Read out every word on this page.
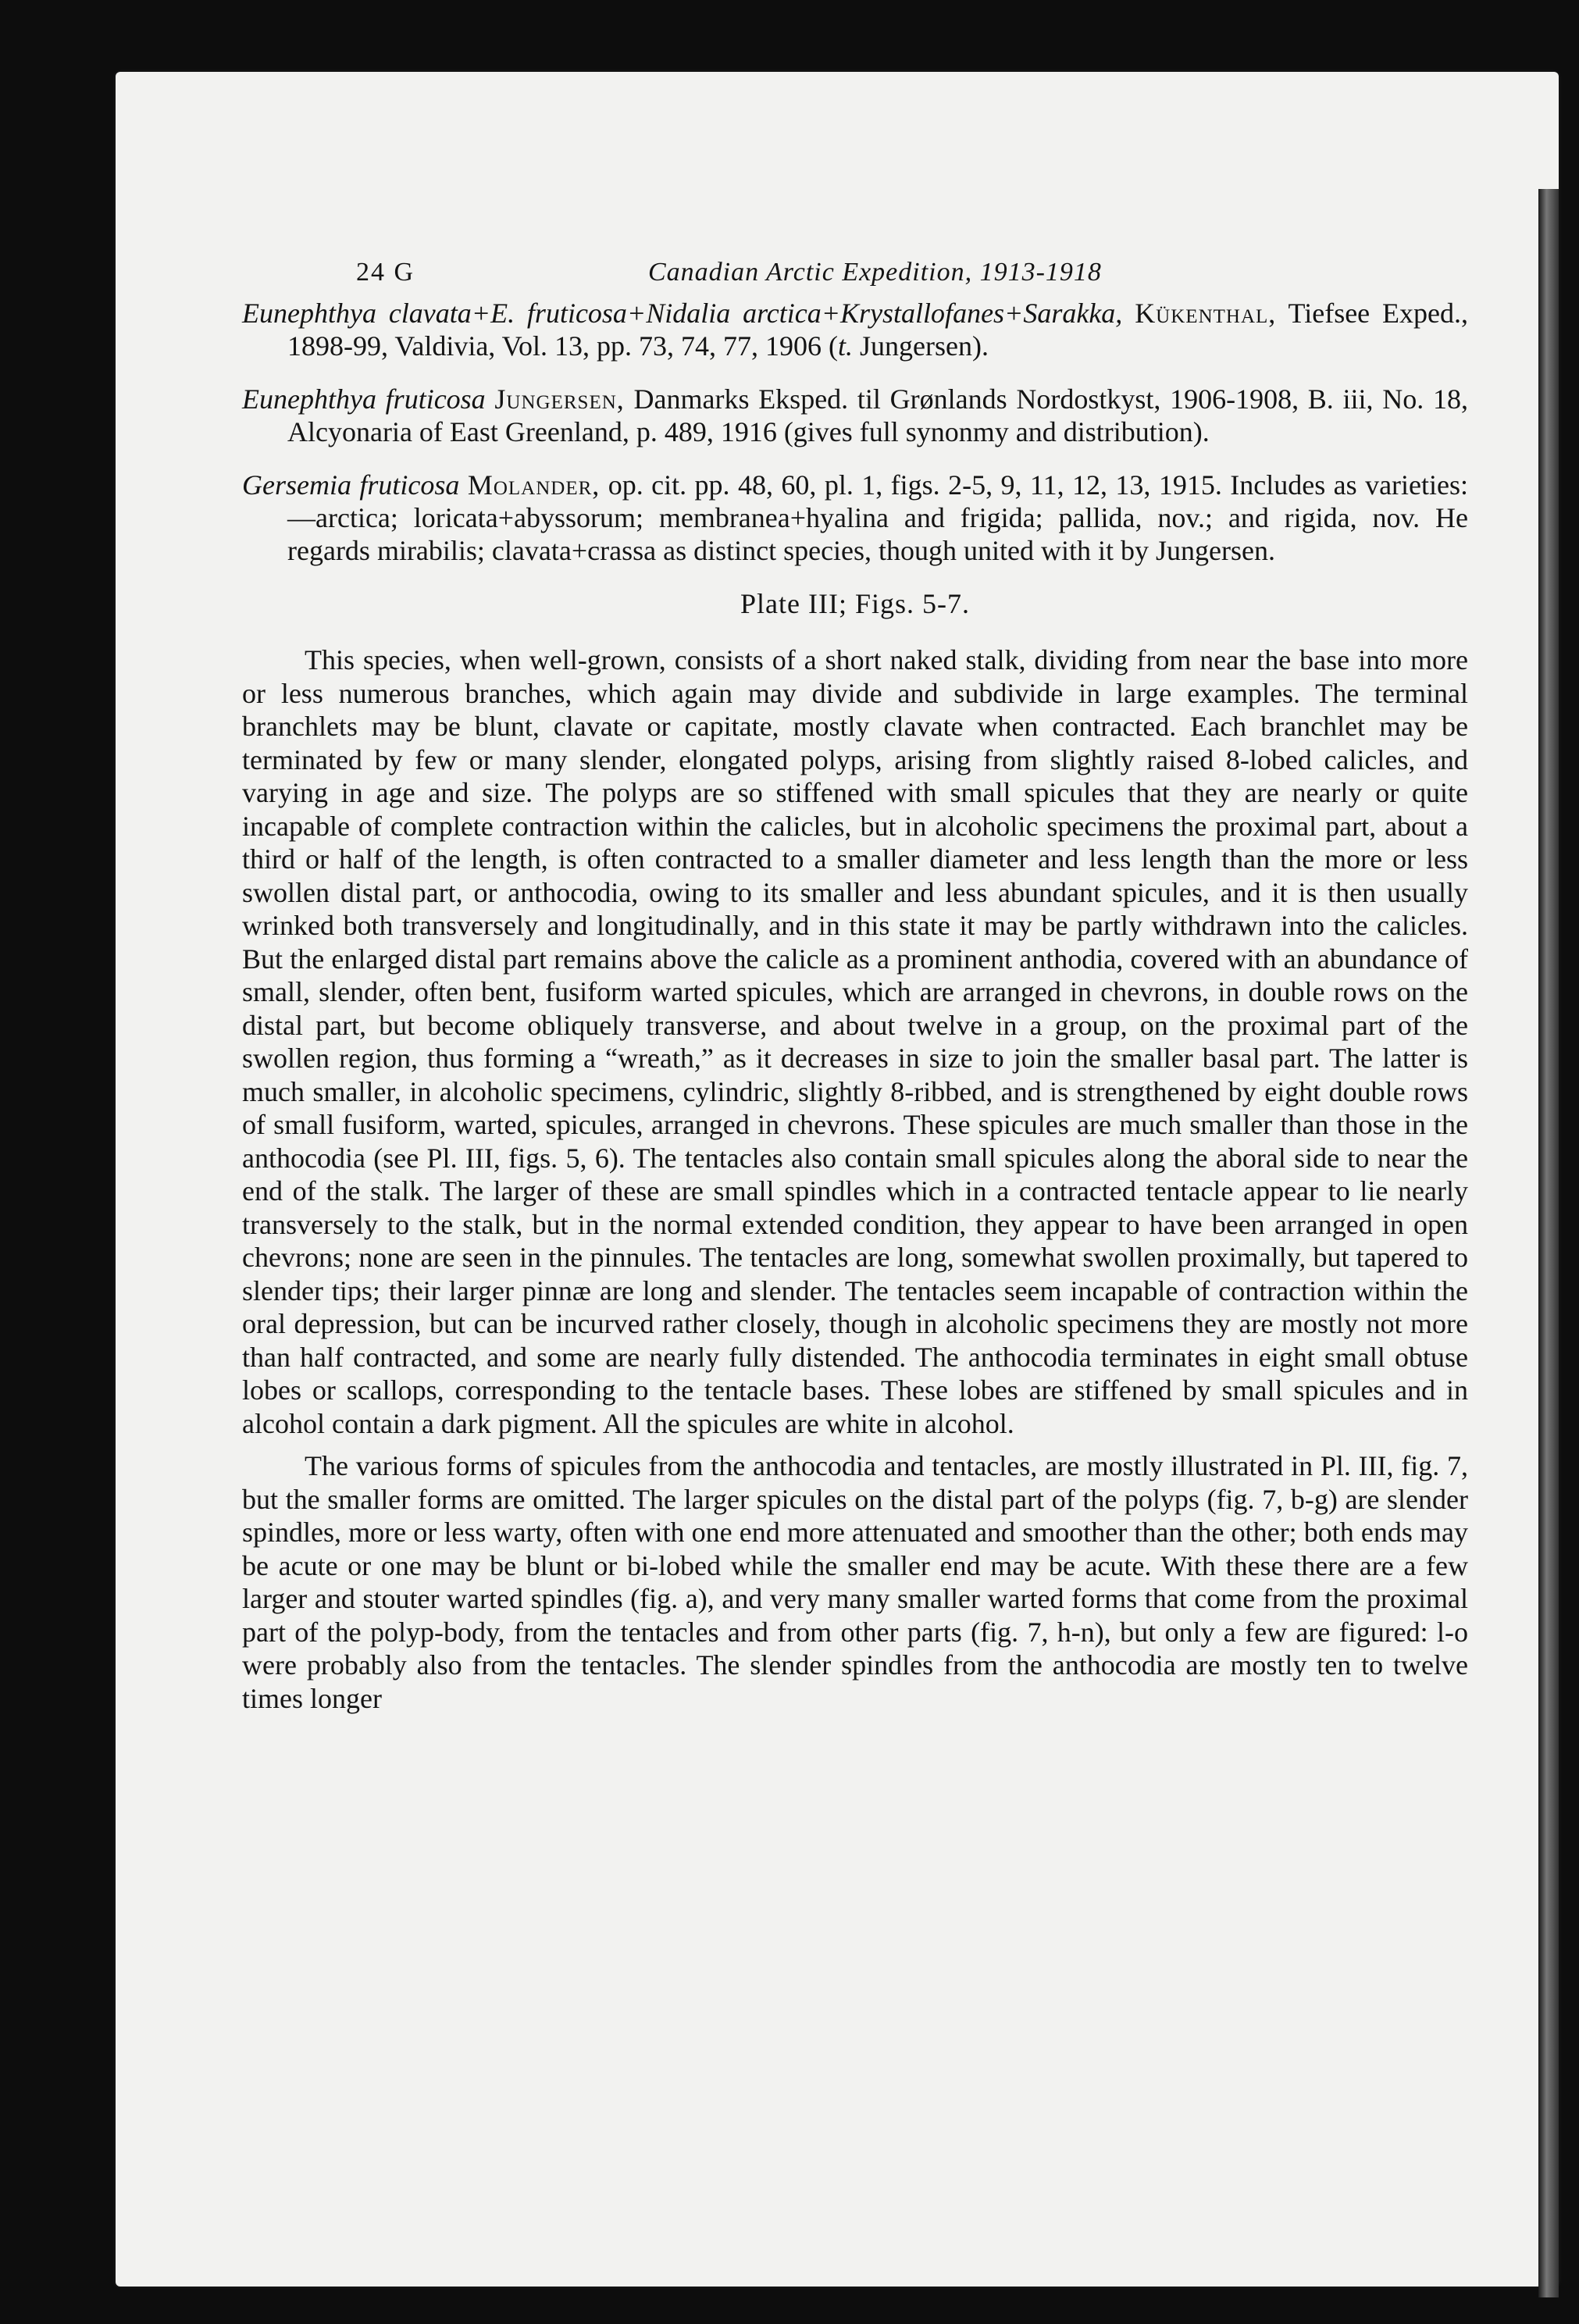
24 G	Canadian Arctic Expedition, 1913-1918

Eunephthya clavata+E. fruticosa+Nidalia arctica+Krystallofanes+Sarakka, Kükenthal, Tiefsee Exped., 1898-99, Valdivia, Vol. 13, pp. 73, 74, 77, 1906 (t. Jungersen).

Eunephthya fruticosa Jungersen, Danmarks Eksped. til Grønlands Nordostkyst, 1906-1908, B. iii, No. 18, Alcyonaria of East Greenland, p. 489, 1916 (gives full synonmy and distribution).

Gersemia fruticosa Molander, op. cit. pp. 48, 60, pl. 1, figs. 2-5, 9, 11, 12, 13, 1915. Includes as varieties:—arctica; loricata+abyssorum; membranea+hyalina and frigida; pallida, nov.; and rigida, nov. He regards mirabilis; clavata+crassa as distinct species, though united with it by Jungersen.

Plate III; Figs. 5-7.

This species, when well-grown, consists of a short naked stalk, dividing from near the base into more or less numerous branches, which again may divide and subdivide in large examples. The terminal branchlets may be blunt, clavate or capitate, mostly clavate when contracted. Each branchlet may be terminated by few or many slender, elongated polyps, arising from slightly raised 8-lobed calicles, and varying in age and size. The polyps are so stiffened with small spicules that they are nearly or quite incapable of complete contraction within the calicles, but in alcoholic specimens the proximal part, about a third or half of the length, is often contracted to a smaller diameter and less length than the more or less swollen distal part, or anthocodia, owing to its smaller and less abundant spicules, and it is then usually wrinked both transversely and longitudinally, and in this state it may be partly withdrawn into the calicles. But the enlarged distal part remains above the calicle as a prominent anthodia, covered with an abundance of small, slender, often bent, fusiform warted spicules, which are arranged in chevrons, in double rows on the distal part, but become obliquely transverse, and about twelve in a group, on the proximal part of the swollen region, thus forming a “wreath,” as it decreases in size to join the smaller basal part. The latter is much smaller, in alcoholic specimens, cylindric, slightly 8-ribbed, and is strengthened by eight double rows of small fusiform, warted, spicules, arranged in chevrons. These spicules are much smaller than those in the anthocodia (see Pl. III, figs. 5, 6). The tentacles also contain small spicules along the aboral side to near the end of the stalk. The larger of these are small spindles which in a contracted tentacle appear to lie nearly transversely to the stalk, but in the normal extended condition, they appear to have been arranged in open chevrons; none are seen in the pinnules. The tentacles are long, somewhat swollen proximally, but tapered to slender tips; their larger pinnæ are long and slender. The tentacles seem incapable of contraction within the oral depression, but can be incurved rather closely, though in alcoholic specimens they are mostly not more than half contracted, and some are nearly fully distended. The anthocodia terminates in eight small obtuse lobes or scallops, corresponding to the tentacle bases. These lobes are stiffened by small spicules and in alcohol contain a dark pigment. All the spicules are white in alcohol.

The various forms of spicules from the anthocodia and tentacles, are mostly illustrated in Pl. III, fig. 7, but the smaller forms are omitted. The larger spicules on the distal part of the polyps (fig. 7, b-g) are slender spindles, more or less warty, often with one end more attenuated and smoother than the other; both ends may be acute or one may be blunt or bi-lobed while the smaller end may be acute. With these there are a few larger and stouter warted spindles (fig. a), and very many smaller warted forms that come from the proximal part of the polyp-body, from the tentacles and from other parts (fig. 7, h-n), but only a few are figured: l-o were probably also from the tentacles. The slender spindles from the anthocodia are mostly ten to twelve times longer
